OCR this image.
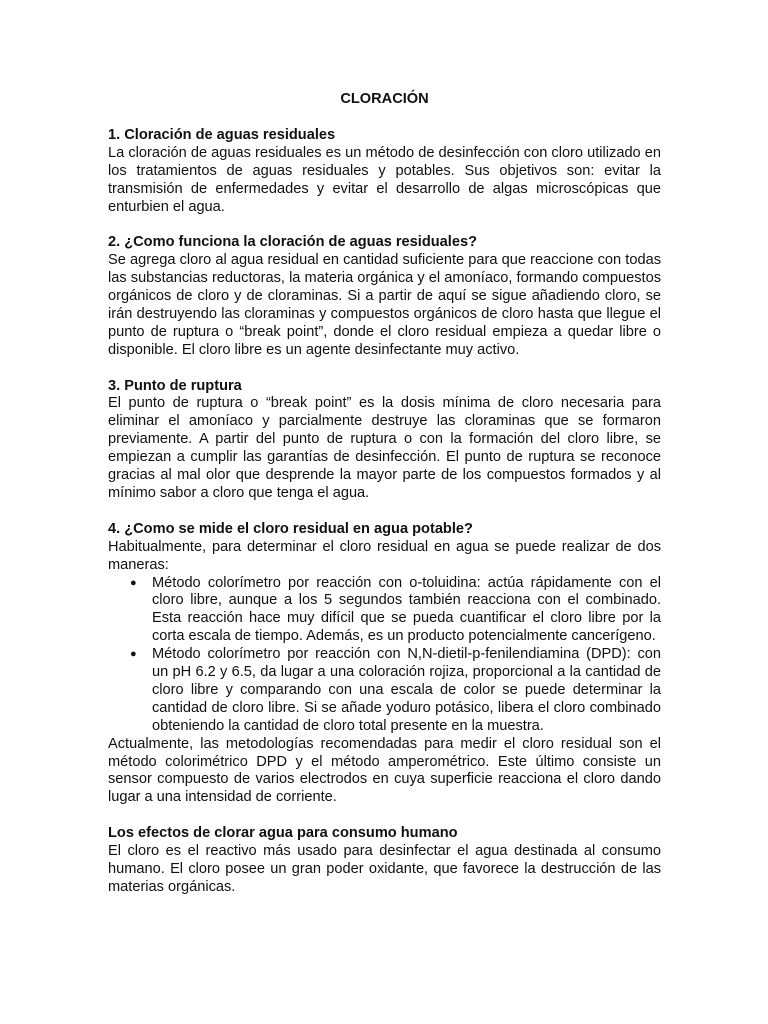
CLORACIÓN
1. Cloración de aguas residuales

La cloración de aguas residuales es un método de desinfección con cloro utilizado en los tratamientos de aguas residuales y potables. Sus objetivos son: evitar la transmisión de enfermedades y evitar el desarrollo de algas microscópicas que enturbien el agua.

2. ¿Como funciona la cloración de aguas residuales?

Se agrega cloro al agua residual en cantidad suficiente para que reaccione con todas las substancias reductoras, la materia orgánica y el amoníaco, formando compuestos orgánicos de cloro y de cloraminas. Si a partir de aquí se sigue añadiendo cloro, se irán destruyendo las cloraminas y compuestos orgánicos de cloro hasta que llegue el punto de ruptura o “break point”, donde el cloro residual empieza a quedar libre o disponible. El cloro libre es un agente desinfectante muy activo.

3. Punto de ruptura

El punto de ruptura o “break point” es la dosis mínima de cloro necesaria para eliminar el amoníaco y parcialmente destruye las cloraminas que se formaron previamente. A partir del punto de ruptura o con la formación del cloro libre, se empiezan a cumplir las garantías de desinfección. El punto de ruptura se reconoce gracias al mal olor que desprende la mayor parte de los compuestos formados y al mínimo sabor a cloro que tenga el agua.

4. ¿Como se mide el cloro residual en agua potable?

Habitualmente, para determinar el cloro residual en agua se puede realizar de dos maneras:

● Método colorímetro por reacción con o-toluidina: actúa rápidamente con el cloro libre, aunque a los 5 segundos también reacciona con el combinado. Esta reacción hace muy difícil que se pueda cuantificar el cloro libre por la corta escala de tiempo. Además, es un producto potencialmente cancerígeno.
● Método colorímetro por reacción con N,N-dietil-p-fenilendiamina (DPD): con un pH 6.2 y 6.5, da lugar a una coloración rojiza, proporcional a la cantidad de cloro libre y comparando con una escala de color se puede determinar la cantidad de cloro libre. Si se añade yoduro potásico, libera el cloro combinado obteniendo la cantidad de cloro total presente en la muestra.

Actualmente, las metodologías recomendadas para medir el cloro residual son el método colorimétrico DPD y el método amperométrico. Este último consiste un sensor compuesto de varios electrodos en cuya superficie reacciona el cloro dando lugar a una intensidad de corriente.

Los efectos de clorar agua para consumo humano

El cloro es el reactivo más usado para desinfectar el agua destinada al consumo humano. El cloro posee un gran poder oxidante, que favorece la destrucción de las materias orgánicas.
